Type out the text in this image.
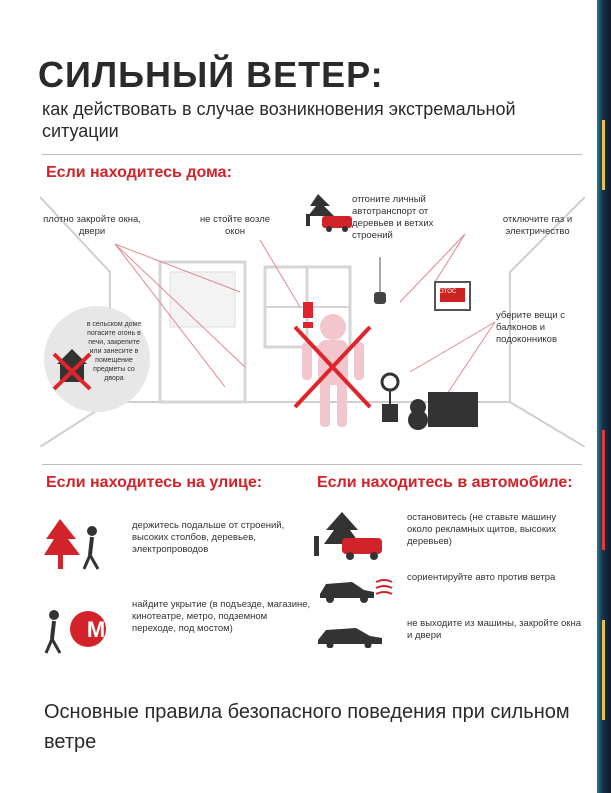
СИЛЬНЫЙ ВЕТЕР:

как действовать в случае возникновения экстремальной ситуации

Если находитесь дома:
плотно закройте окна, двери
не стойте возле окон
отгоните личный автотранспорт от деревьев и ветхих строений
отключите газ и электричество
уберите вещи с балконов и подоконников
в сельском доме погасите огонь в печи, закрепите или занесите в помещение предметы со двора
LOTOC
Если находитесь на улице:
держитесь подальше от строений, высоких столбов, деревьев, электропроводов
М
найдите укрытие (в подъезде, магазине, кинотеатре, метро, подземном переходе, под мостом)
Если находитесь в автомобиле:
остановитесь (не ставьте машину около рекламных щитов, высоких деревьев)
сориентируйте авто против ветра
не выходите из машины, закройте окна и двери

Основные правила безопасного поведения при сильном ветре
